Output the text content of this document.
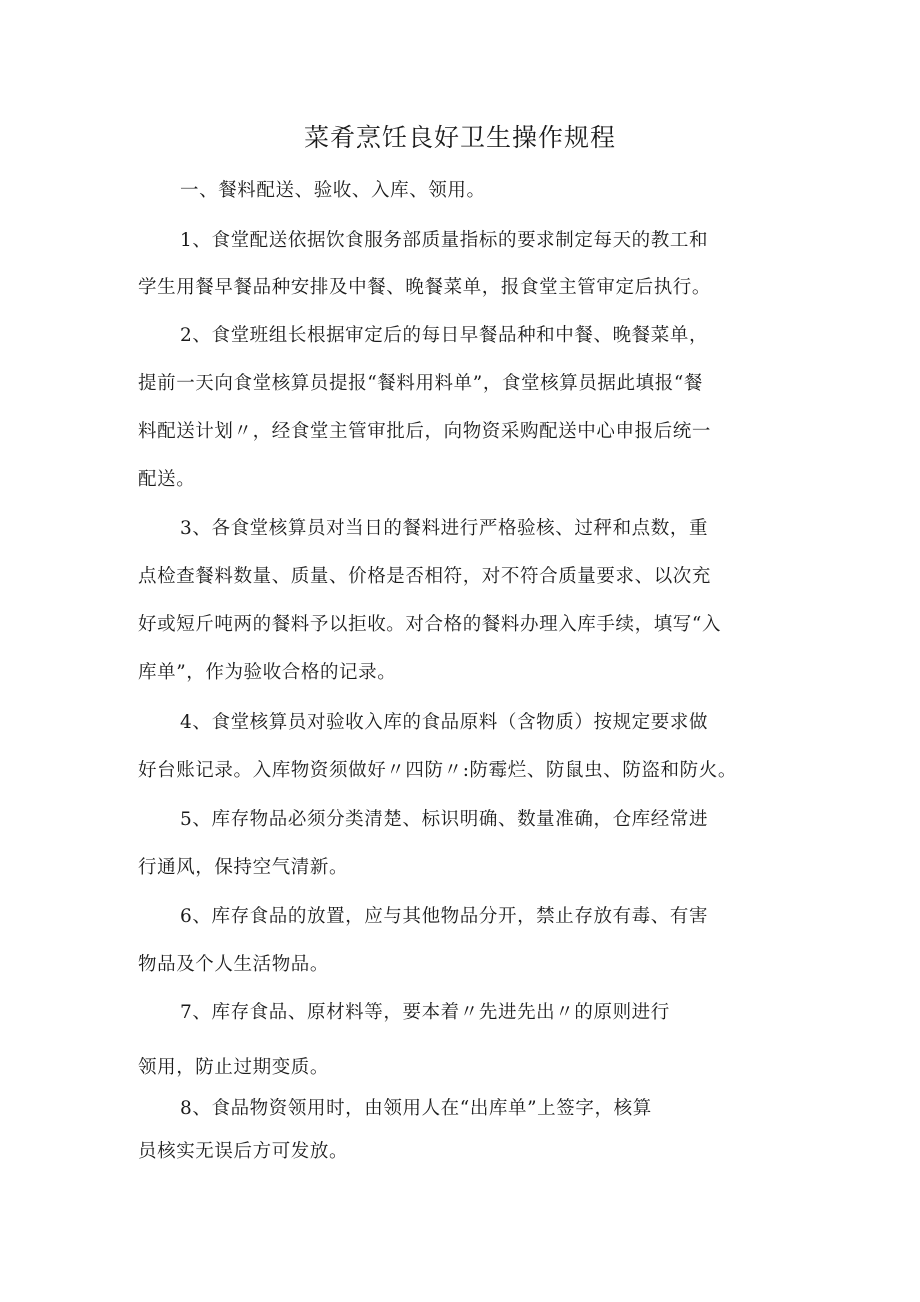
菜肴烹饪良好卫生操作规程
一、餐料配送、验收、入库、领用。
1、食堂配送依据饮食服务部质量指标的要求制定每天的教工和
学生用餐早餐品种安排及中餐、晚餐菜单，报食堂主管审定后执行。
2、食堂班组长根据审定后的每日早餐品种和中餐、晚餐菜单，
提前一天向食堂核算员提报“餐料用料单”，食堂核算员据此填报“餐
料配送计划〃，经食堂主管审批后，向物资采购配送中心申报后统一
配送。
3、各食堂核算员对当日的餐料进行严格验核、过秤和点数，重
点检查餐料数量、质量、价格是否相符，对不符合质量要求、以次充
好或短斤吨两的餐料予以拒收。对合格的餐料办理入库手续，填写“入
库单”，作为验收合格的记录。
4、食堂核算员对验收入库的食品原料（含物质）按规定要求做
好台账记录。入库物资须做好〃四防〃:防霉烂、防鼠虫、防盗和防火。
5、库存物品必须分类清楚、标识明确、数量准确，仓库经常进
行通风，保持空气清新。
6、库存食品的放置，应与其他物品分开，禁止存放有毒、有害
物品及个人生活物品。
7、库存食品、原材料等，要本着〃先进先出〃的原则进行
领用，防止过期变质。
8、食品物资领用时，由领用人在“出库单”上签字，核算
员核实无误后方可发放。
